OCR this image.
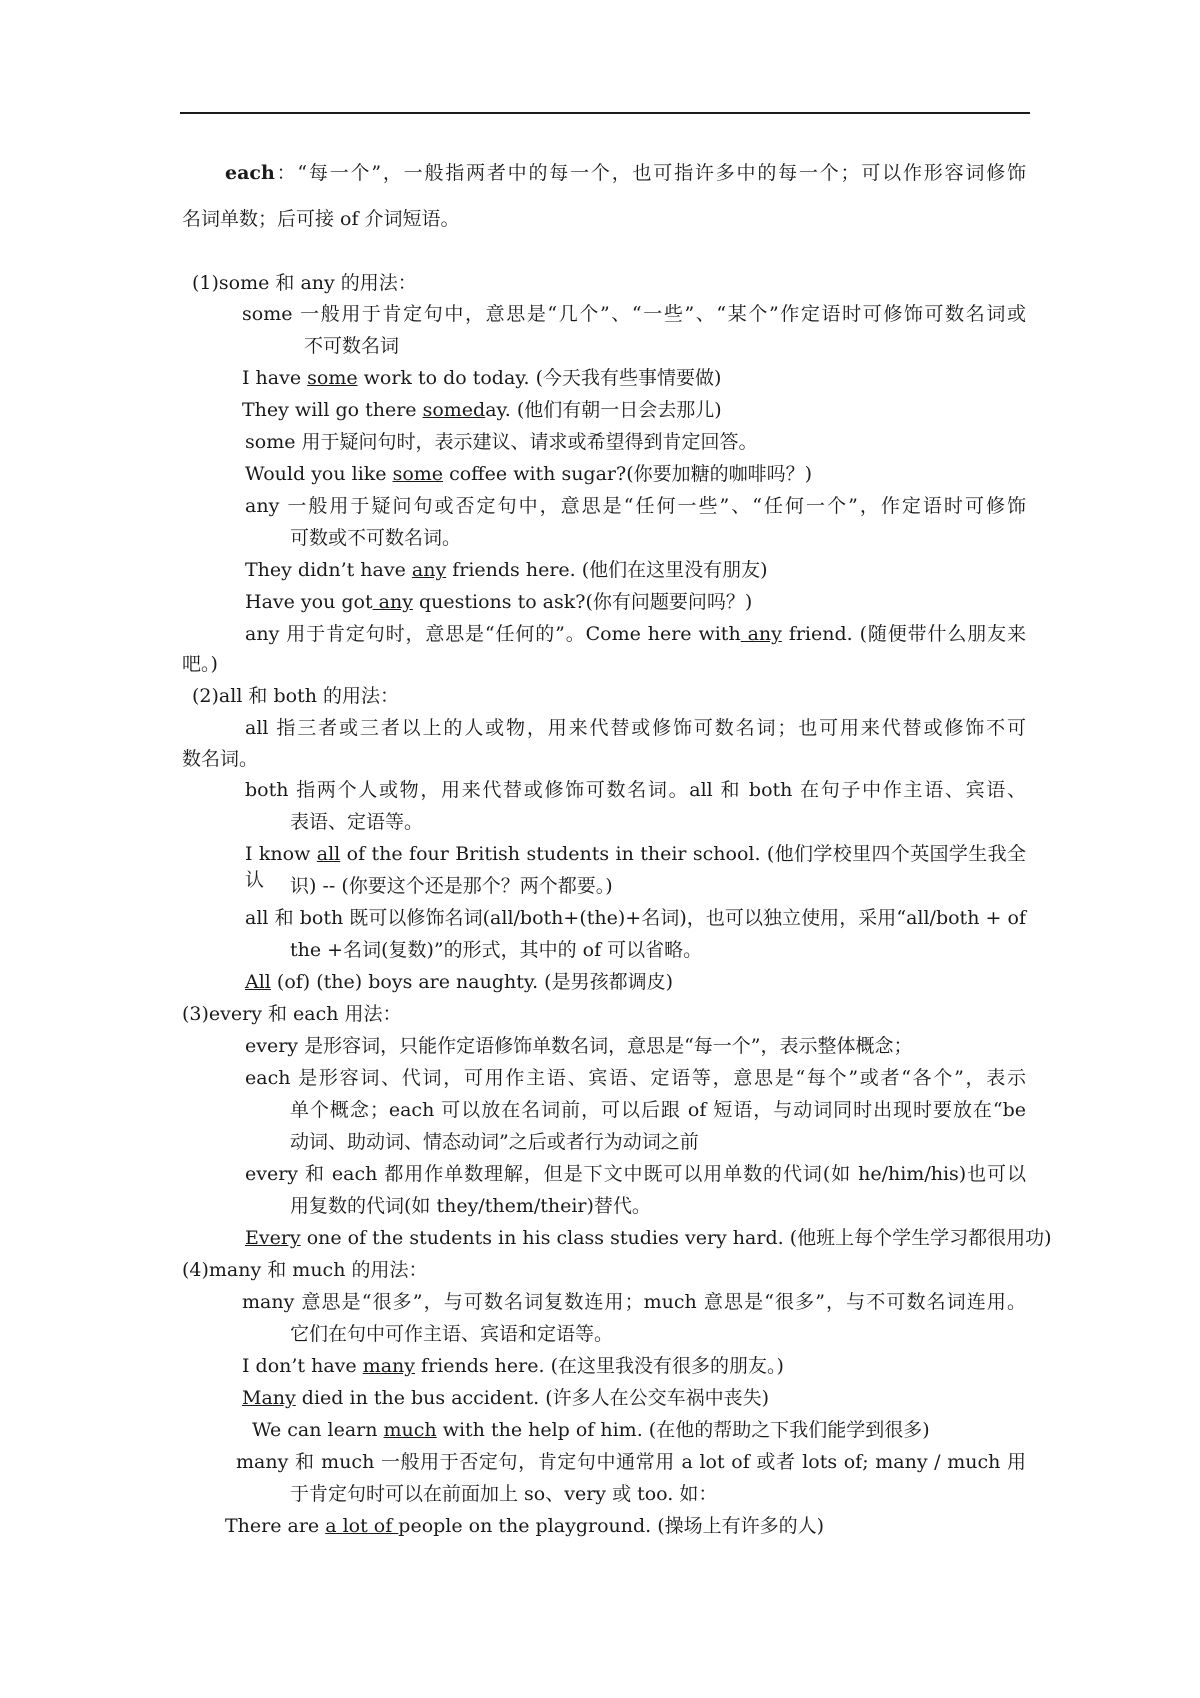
each：“每一个”，一般指两者中的每一个，也可指许多中的每一个；可以作形容词修饰
名词单数；后可接 of 介词短语。
(1)some 和 any 的用法：
some 一般用于肯定句中，意思是“几个”、“一些”、“某个”作定语时可修饰可数名词或
不可数名词
I have some work to do today. (今天我有些事情要做)
They will go there someday. (他们有朝一日会去那儿)
some 用于疑问句时，表示建议、请求或希望得到肯定回答。
Would you like some coffee with sugar?(你要加糖的咖啡吗？)
any 一般用于疑问句或否定句中，意思是“任何一些”、“任何一个”，作定语时可修饰
可数或不可数名词。
They didn’t have any friends here. (他们在这里没有朋友)
Have you got any questions to ask?(你有问题要问吗？)
any 用于肯定句时，意思是“任何的”。Come here with any friend. (随便带什么朋友来
吧。)
(2)all 和 both 的用法：
all 指三者或三者以上的人或物，用来代替或修饰可数名词；也可用来代替或修饰不可
数名词。
both 指两个人或物，用来代替或修饰可数名词。all 和 both 在句子中作主语、宾语、
表语、定语等。
I know all of the four British students in their school. (他们学校里四个英国学生我全认	识) -- (你要这个还是那个？两个都要。)
all 和 both 既可以修饰名词(all/both+(the)+名词)，也可以独立使用，采用“all/both + of
the +名词(复数)”的形式，其中的 of 可以省略。
All (of) (the) boys are naughty. (是男孩都调皮)
(3)every 和 each 用法：
every 是形容词，只能作定语修饰单数名词，意思是“每一个”，表示整体概念；
each 是形容词、代词，可用作主语、宾语、定语等，意思是“每个”或者“各个”，表示
单个概念；each 可以放在名词前，可以后跟 of 短语，与动词同时出现时要放在“be
动词、助动词、情态动词”之后或者行为动词之前
every 和 each 都用作单数理解，但是下文中既可以用单数的代词(如 he/him/his)也可以
用复数的代词(如 they/them/their)替代。
Every one of the students in his class studies very hard. (他班上每个学生学习都很用功)
(4)many 和 much 的用法：
many 意思是“很多”，与可数名词复数连用；much 意思是“很多”，与不可数名词连用。
它们在句中可作主语、宾语和定语等。
I don’t have many friends here. (在这里我没有很多的朋友。)
Many died in the bus accident. (许多人在公交车祸中丧失)
We can learn much with the help of him. (在他的帮助之下我们能学到很多)
many 和 much 一般用于否定句，肯定句中通常用 a lot of 或者 lots of; many / much 用
于肯定句时可以在前面加上 so、very 或 too. 如：
There are a lot of people on the playground. (操场上有许多的人)
